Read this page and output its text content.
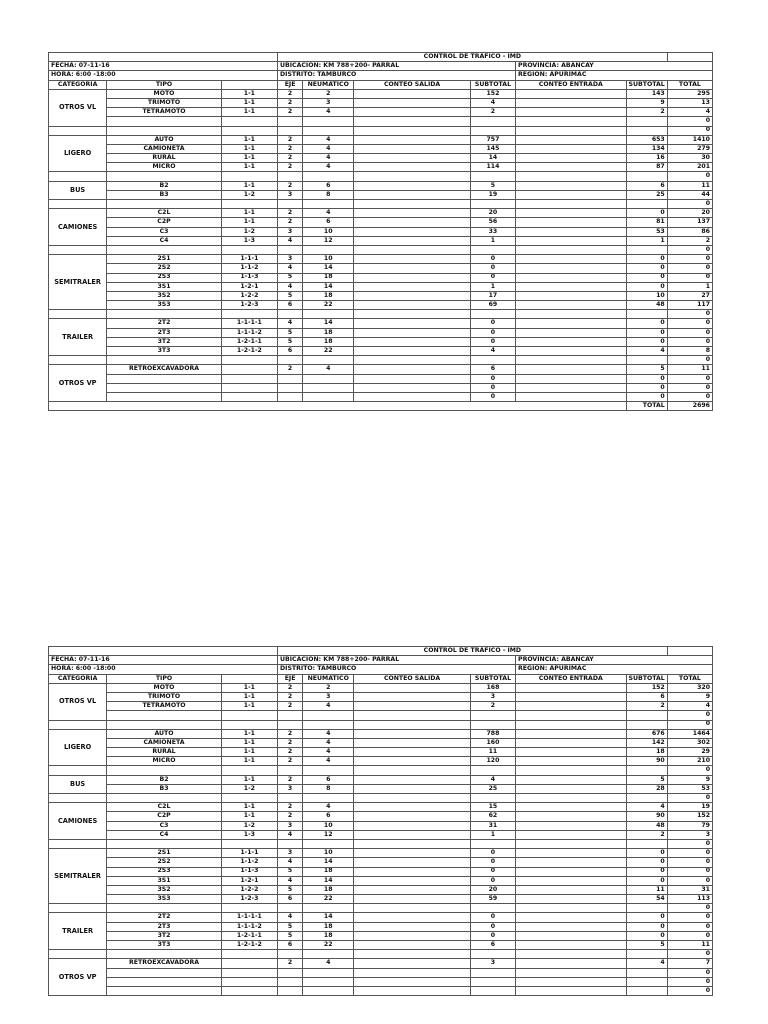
			CONTROL DE TRAFICO - IMD						
FECHA: 07-11-16			UBICACION: KM 788+200- PARRAL				PROVINCIA: ABANCAY		
HORA: 6:00 -18:00			DISTRITO: TAMBURCO				REGIÓN: APURIMAC		
CATEGORÍA	TIPO		EJE	NEUMÁTICO	CONTEO SALIDA	SUBTOTAL	CONTEO ENTRADA	SUBTOTAL	TOTAL
OTROS VL	MOTO	1-1	2	2		152		143	295
	TRIMOTO	1-1	2	3		4		9	13
	TETRAMOTO	1-1	2	4		2		2	4
									0
									0
LIGERO	AUTO	1-1	2	4		757		653	1410
	CAMIONETA	1-1	2	4		145		134	279
	RURAL	1-1	2	4		14		16	30
	MICRO	1-1	2	4		114		87	201
									0
BUS	B2	1-1	2	6		5		6	11
	B3	1-2	3	8		19		25	44
									0
CAMIONES	C2L	1-1	2	4		20		0	20
	C2P	1-1	2	6		56		81	137
	C3	1-2	3	10		33		53	86
	C4	1-3	4	12		1		1	2
									0
SEMITRALER	2S1	1-1-1	3	10		0		0	0
	2S2	1-1-2	4	14		0		0	0
	2S3	1-1-3	5	18		0		0	0
	3S1	1-2-1	4	14		1		0	1
	3S2	1-2-2	5	18		17		10	27
	3S3	1-2-3	6	22		69		48	117
									0
TRAILER	2T2	1-1-1-1	4	14		0		0	0
	2T3	1-1-1-2	5	18		0		0	0
	3T2	1-2-1-1	5	18		0		0	0
	3T3	1-2-1-2	6	22		4		4	8
									0
OTROS VP	RETROEXCAVADORA		2	4		6		5	11
						0		0	0
						0		0	0
						0		0	0
								TOTAL	2696
			CONTROL DE TRAFICO - IMD						
FECHA: 07-11-16			UBICACION: KM 788+200- PARRAL				PROVINCIA: ABANCAY		
HORA: 6:00 -18:00			DISTRITO: TAMBURCO				REGIÓN: APURIMAC		
CATEGORÍA	TIPO		EJE	NEUMÁTICO	CONTEO SALIDA	SUBTOTAL	CONTEO ENTRADA	SUBTOTAL	TOTAL
OTROS VL	MOTO	1-1	2	2		168		152	320
	TRIMOTO	1-1	2	3		3		6	9
	TETRAMOTO	1-1	2	4		2		2	4
									0
									0
LIGERO	AUTO	1-1	2	4		788		676	1464
	CAMIONETA	1-1	2	4		160		142	302
	RURAL	1-1	2	4		11		18	29
	MICRO	1-1	2	4		120		90	210
									0
BUS	B2	1-1	2	6		4		5	9
	B3	1-2	3	8		25		28	53
									0
CAMIONES	C2L	1-1	2	4		15		4	19
	C2P	1-1	2	6		62		90	152
	C3	1-2	3	10		31		48	79
	C4	1-3	4	12		1		2	3
									0
SEMITRALER	2S1	1-1-1	3	10		0		0	0
	2S2	1-1-2	4	14		0		0	0
	2S3	1-1-3	5	18		0		0	0
	3S1	1-2-1	4	14		0		0	0
	3S2	1-2-2	5	18		20		11	31
	3S3	1-2-3	6	22		59		54	113
									0
TRAILER	2T2	1-1-1-1	4	14		0		0	0
	2T3	1-1-1-2	5	18		0		0	0
	3T2	1-2-1-1	5	18		0		0	0
	3T3	1-2-1-2	6	22		6		5	11
									0
OTROS VP	RETROEXCAVADORA		2	4		3		4	7
									0
									0
									0
